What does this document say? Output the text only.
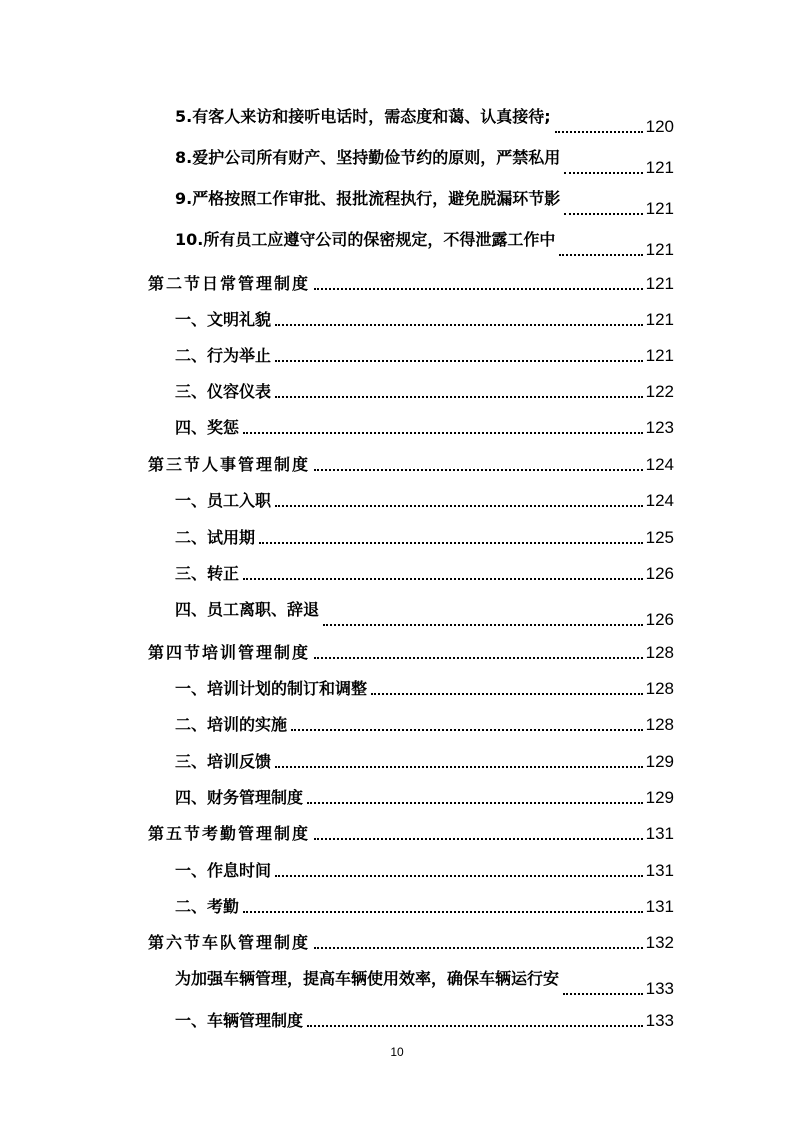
5.有客人来访和接听电话时，需态度和蔼、认真接待;
120
8.爱护公司所有财产、坚持勤俭节约的原则，严禁私用
121
9.严格按照工作审批、报批流程执行，避免脱漏环节影
121
10.所有员工应遵守公司的保密规定，不得泄露工作中
121
第二节日常管理制度	121
一、文明礼貌	121
二、行为举止	121
三、仪容仪表	122
四、奖惩	123
第三节人事管理制度	124
一、员工入职	124
二、试用期	125
三、转正	126
四、员工离职、辞退
126
第四节培训管理制度	128
一、培训计划的制订和调整	128
二、培训的实施	128
三、培训反馈	129
四、财务管理制度	129
第五节考勤管理制度	131
一、作息时间	131
二、考勤	131
第六节车队管理制度	132
为加强车辆管理，提高车辆使用效率，确保车辆运行安
133
一、车辆管理制度	133
10
